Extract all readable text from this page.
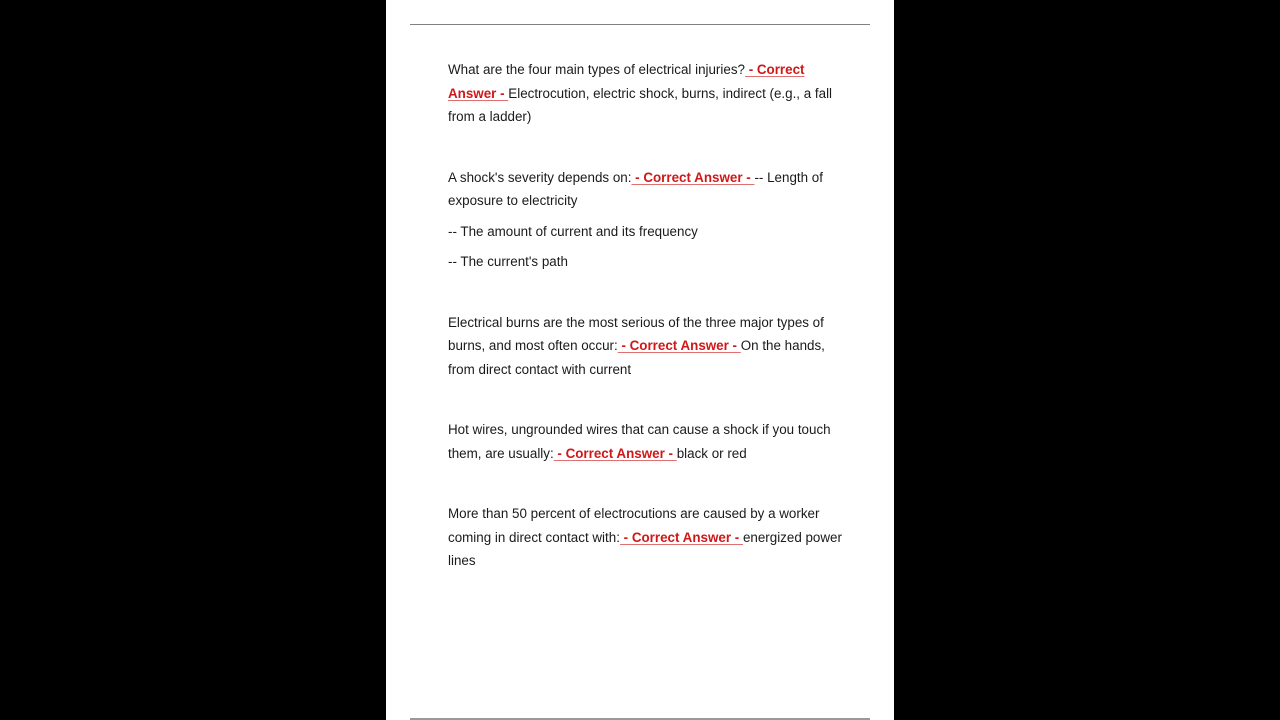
What are the four main types of electrical injuries? - Correct Answer - Electrocution, electric shock, burns, indirect (e.g., a fall from a ladder)

A shock's severity depends on: - Correct Answer - -- Length of exposure to electricity

-- The amount of current and its frequency

-- The current's path

Electrical burns are the most serious of the three major types of burns, and most often occur: - Correct Answer - On the hands, from direct contact with current

Hot wires, ungrounded wires that can cause a shock if you touch them, are usually: - Correct Answer - black or red

More than 50 percent of electrocutions are caused by a worker coming in direct contact with: - Correct Answer - energized power lines
